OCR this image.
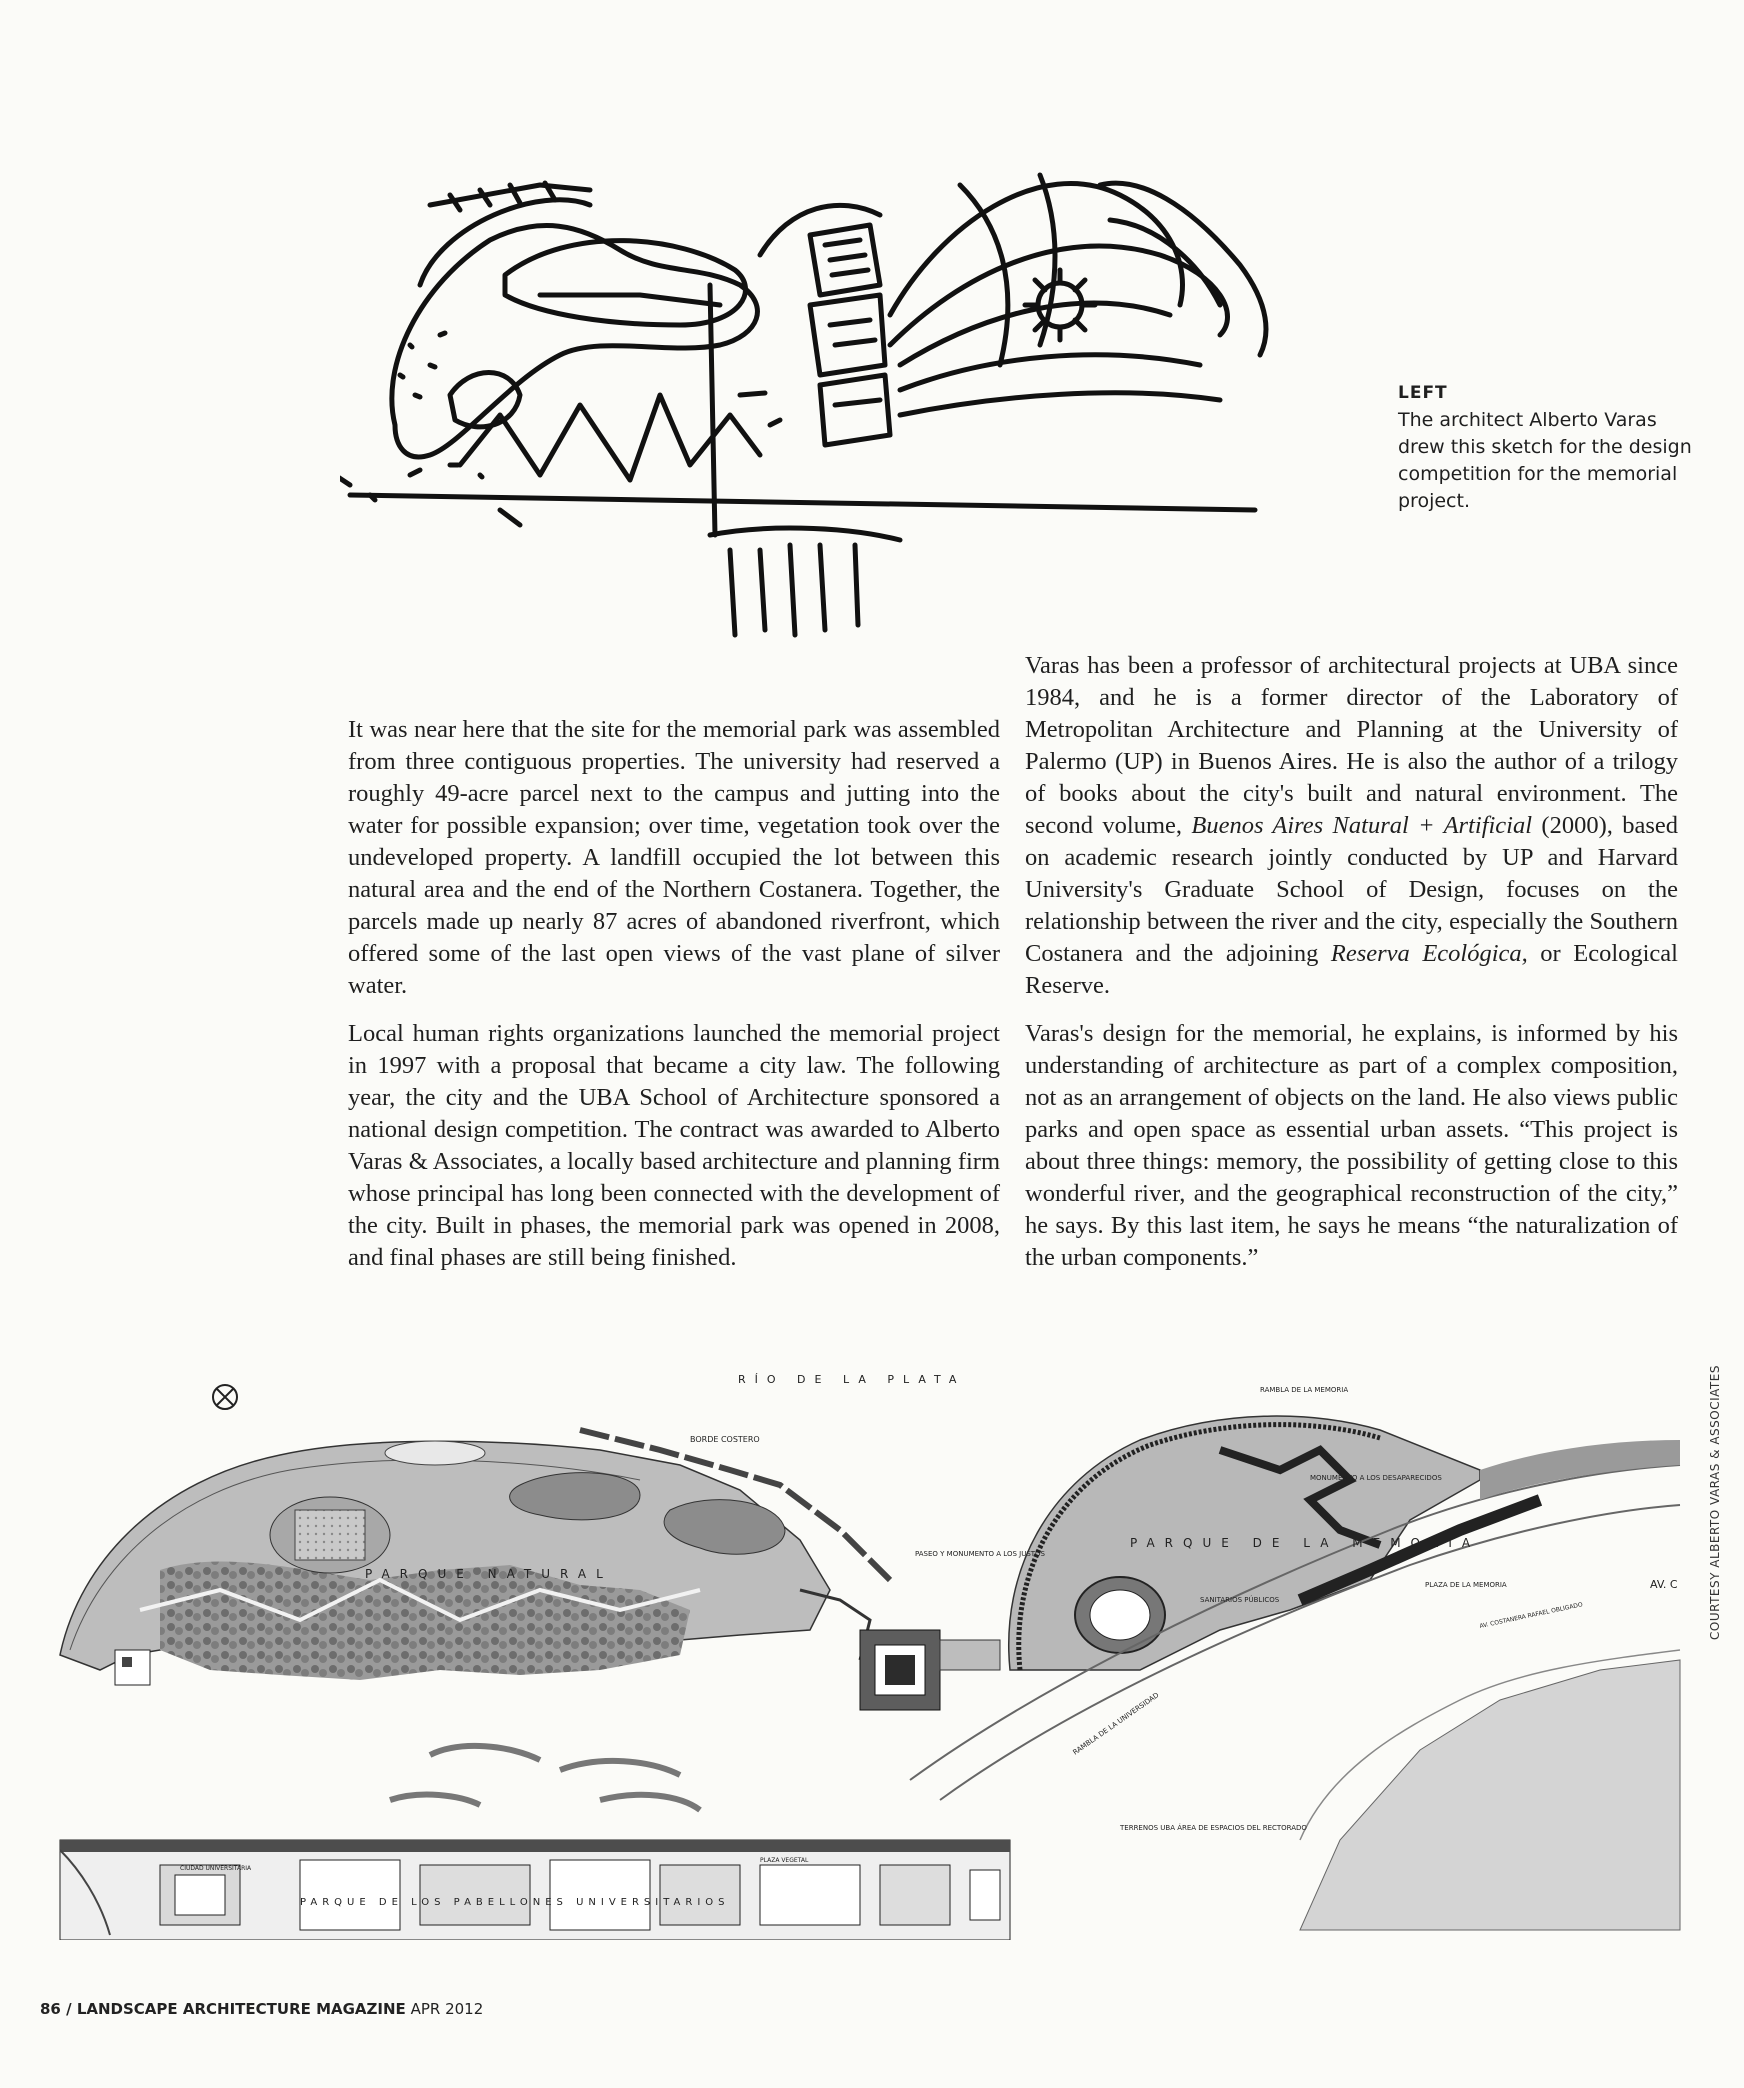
LEFT
The architect Alberto Varas drew this sketch for the design competition for the memorial project.

It was near here that the site for the memorial park was assembled from three contiguous properties. The university had reserved a roughly 49-acre parcel next to the campus and jutting into the water for possible expansion; over time, vegetation took over the undeveloped property. A landfill occupied the lot between this natural area and the end of the Northern Costanera. Together, the parcels made up nearly 87 acres of abandoned riverfront, which offered some of the last open views of the vast plane of silver water.

Local human rights organizations launched the memorial project in 1997 with a proposal that became a city law. The following year, the city and the UBA School of Architecture sponsored a national design competition. The contract was awarded to Alberto Varas & Associates, a locally based architecture and planning firm whose principal has long been connected with the development of the city. Built in phases, the memorial park was opened in 2008, and final phases are still being finished.

Varas has been a professor of architectural projects at UBA since 1984, and he is a former director of the Laboratory of Metropolitan Architecture and Planning at the University of Palermo (UP) in Buenos Aires. He is also the author of a trilogy of books about the city's built and natural environment. The second volume, Buenos Aires Natural + Artificial (2000), based on academic research jointly conducted by UP and Harvard University's Graduate School of Design, focuses on the relationship between the river and the city, especially the Southern Costanera and the adjoining Reserva Ecológica, or Ecological Reserve.

Varas's design for the memorial, he explains, is informed by his understanding of architecture as part of a complex composition, not as an arrangement of objects on the land. He also views public parks and open space as essential urban assets. “This project is about three things: memory, the possibility of getting close to this wonderful river, and the geographical reconstruction of the city,” he says. By this last item, he says he means “the naturalization of the urban components.”

RÍO DE LA PLATA
BORDE COSTERO
PARQUE NATURAL
PARQUE DE LA MEMORIA
RAMBLA DE LA MEMORIA
MONUMENTO A LOS DESAPARECIDOS
PASEO Y MONUMENTO A LOS JUSTOS
SANITARIOS PÚBLICOS
PLAZA DE LA MEMORIA
RAMBLA DE LA UNIVERSIDAD
TERRENOS UBA ÁREA DE ESPACIOS DEL RECTORADO
AV. C
AV. COSTANERA RAFAEL OBLIGADO
PARQUE DE LOS PABELLONES UNIVERSITARIOS
CIUDAD UNIVERSITARIA
PLAZA VEGETAL
COURTESY ALBERTO VARAS & ASSOCIATES
86 / LANDSCAPE ARCHITECTURE MAGAZINE APR 2012
